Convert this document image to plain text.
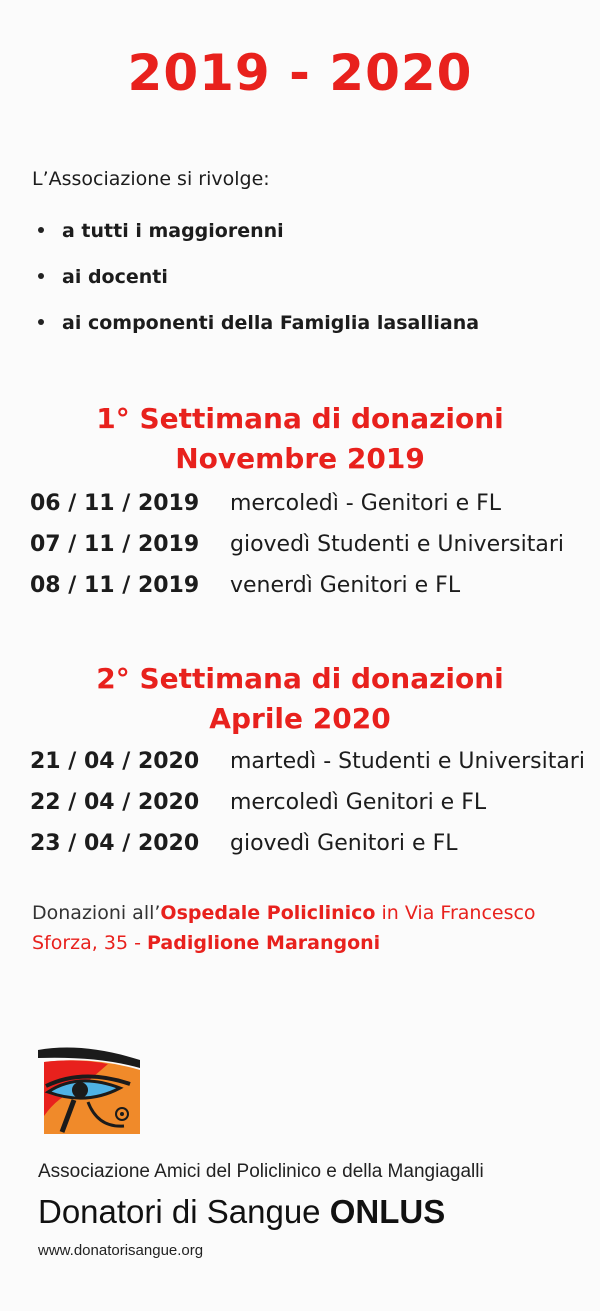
2019 - 2020
L’Associazione si rivolge:
a tutti i maggiorenni
ai docenti
ai componenti della Famiglia lasalliana
1° Settimana di donazioni
Novembre 2019
06 / 11 / 2019 mercoledì - Genitori e FL
07 / 11 / 2019 giovedì Studenti e Universitari
08 / 11 / 2019 venerdì Genitori e FL
2° Settimana di donazioni
Aprile 2020
21 / 04 / 2020 martedì - Studenti e Universitari
22 / 04 / 2020 mercoledì Genitori e FL
23 / 04 / 2020 giovedì Genitori e FL
Donazioni all’Ospedale Policlinico in Via Francesco Sforza, 35 - Padiglione Marangoni
Associazione Amici del Policlinico e della Mangiagalli
Donatori di Sangue ONLUS
www.donatorisangue.org
